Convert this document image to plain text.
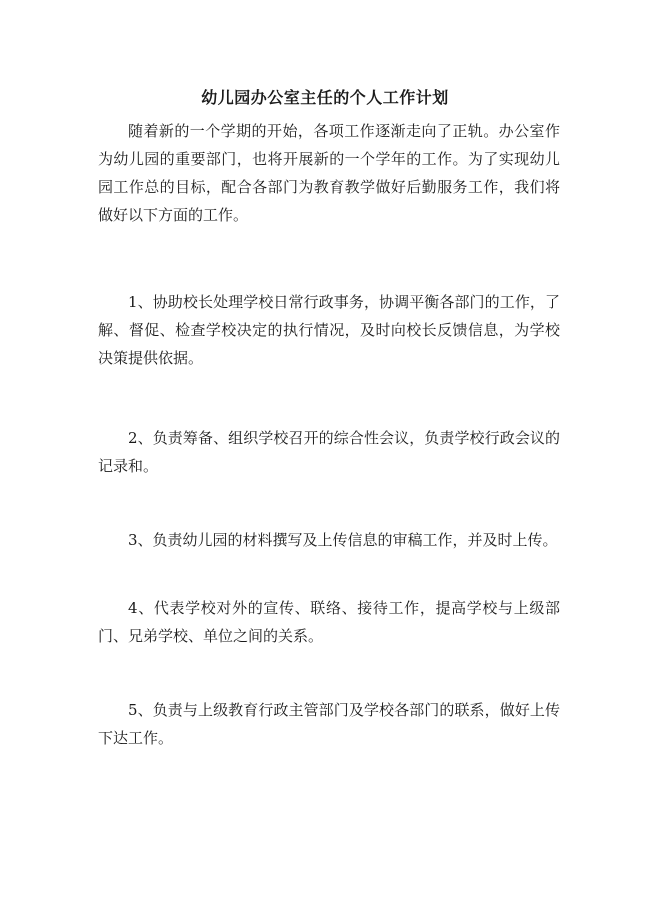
幼儿园办公室主任的个人工作计划

随着新的一个学期的开始，各项工作逐渐走向了正轨。办公室作为幼儿园的重要部门，也将开展新的一个学年的工作。为了实现幼儿园工作总的目标，配合各部门为教育教学做好后勤服务工作，我们将做好以下方面的工作。

1、协助校长处理学校日常行政事务，协调平衡各部门的工作，了解、督促、检查学校决定的执行情况，及时向校长反馈信息，为学校决策提供依据。

2、负责筹备、组织学校召开的综合性会议，负责学校行政会议的记录和。

3、负责幼儿园的材料撰写及上传信息的审稿工作，并及时上传。

4、代表学校对外的宣传、联络、接待工作，提高学校与上级部门、兄弟学校、单位之间的关系。

5、负责与上级教育行政主管部门及学校各部门的联系，做好上传下达工作。
